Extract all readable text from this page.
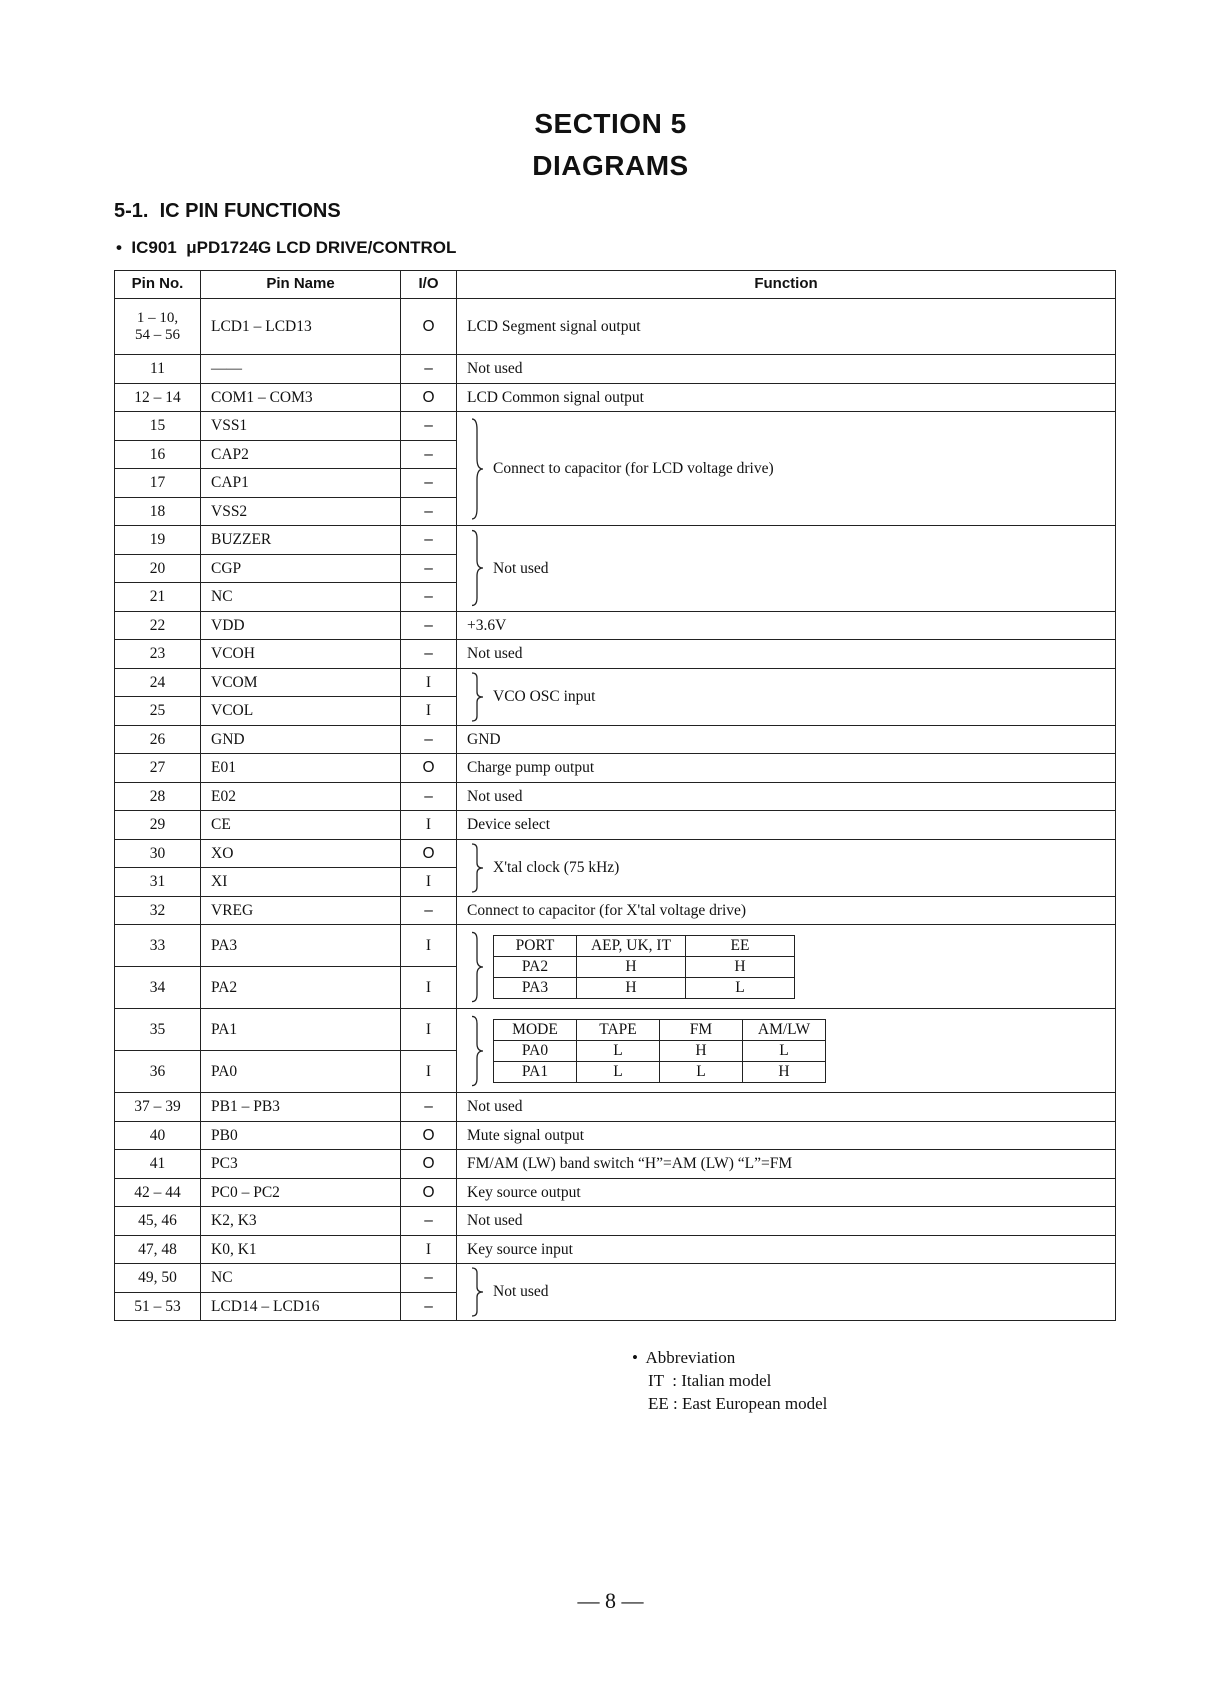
SECTION 5
DIAGRAMS
5-1.  IC PIN FUNCTIONS
•  IC901  μPD1724G LCD DRIVE/CONTROL
Pin No.	Pin Name	I/O	Function
1 – 10,
54 – 56	LCD1 – LCD13	O	LCD Segment signal output
11	——	–	Not used
12 – 14	COM1 – COM3	O	LCD Common signal output
15	VSS1	–	
Connect to capacitor (for LCD voltage drive)

16	CAP2	–
17	CAP1	–
18	VSS2	–
19	BUZZER	–	
Not used

20	CGP	–
21	NC	–
22	VDD	–	+3.6V
23	VCOH	–	Not used
24	VCOM	I	
VCO OSC input

25	VCOL	I
26	GND	–	GND
27	E01	O	Charge pump output
28	E02	–	Not used
29	CE	I	Device select
30	XO	O	
X'tal clock (75 kHz)

31	XI	I
32	VREG	–	Connect to capacitor (for X'tal voltage drive)
33	PA3	I		PORT	AEP, UK, IT	EE
PA2	H	H
PA3	H	L

34	PA2	I
35	PA1	I		MODE	TAPE	FM	AM/LW
PA0	L	H	L
PA1	L	L	H

36	PA0	I
37 – 39	PB1 – PB3	–	Not used
40	PB0	O	Mute signal output
41	PC3	O	FM/AM (LW) band switch “H”=AM (LW) “L”=FM
42 – 44	PC0 – PC2	O	Key source output
45, 46	K2, K3	–	Not used
47, 48	K0, K1	I	Key source input
49, 50	NC	–	
Not used

51 – 53	LCD14 – LCD16	–
•  Abbreviation
IT  : Italian model
EE : East European model
— 8 —
